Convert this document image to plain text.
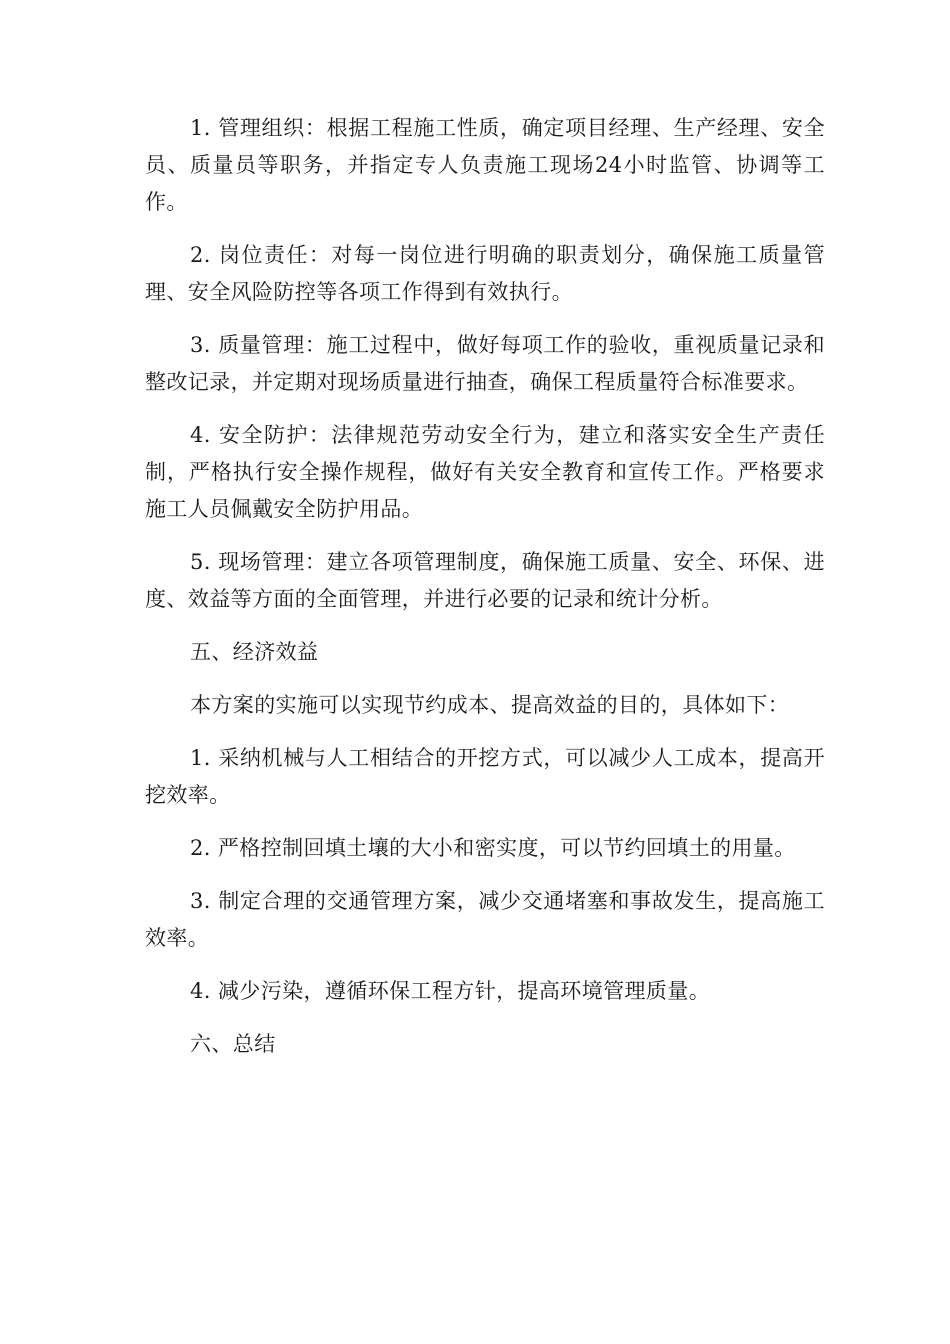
1. 管理组织：根据工程施工性质，确定项目经理、生产经理、安全员、质量员等职务，并指定专人负责施工现场24小时监管、协调等工作。

2. 岗位责任：对每一岗位进行明确的职责划分，确保施工质量管理、安全风险防控等各项工作得到有效执行。

3. 质量管理：施工过程中，做好每项工作的验收，重视质量记录和整改记录，并定期对现场质量进行抽查，确保工程质量符合标准要求。

4. 安全防护：法律规范劳动安全行为，建立和落实安全生产责任制，严格执行安全操作规程，做好有关安全教育和宣传工作。严格要求施工人员佩戴安全防护用品。

5. 现场管理：建立各项管理制度，确保施工质量、安全、环保、进度、效益等方面的全面管理，并进行必要的记录和统计分析。

五、经济效益

本方案的实施可以实现节约成本、提高效益的目的，具体如下：

1. 采纳机械与人工相结合的开挖方式，可以减少人工成本，提高开挖效率。

2. 严格控制回填土壤的大小和密实度，可以节约回填土的用量。

3. 制定合理的交通管理方案，减少交通堵塞和事故发生，提高施工效率。

4. 减少污染，遵循环保工程方针，提高环境管理质量。

六、总结
